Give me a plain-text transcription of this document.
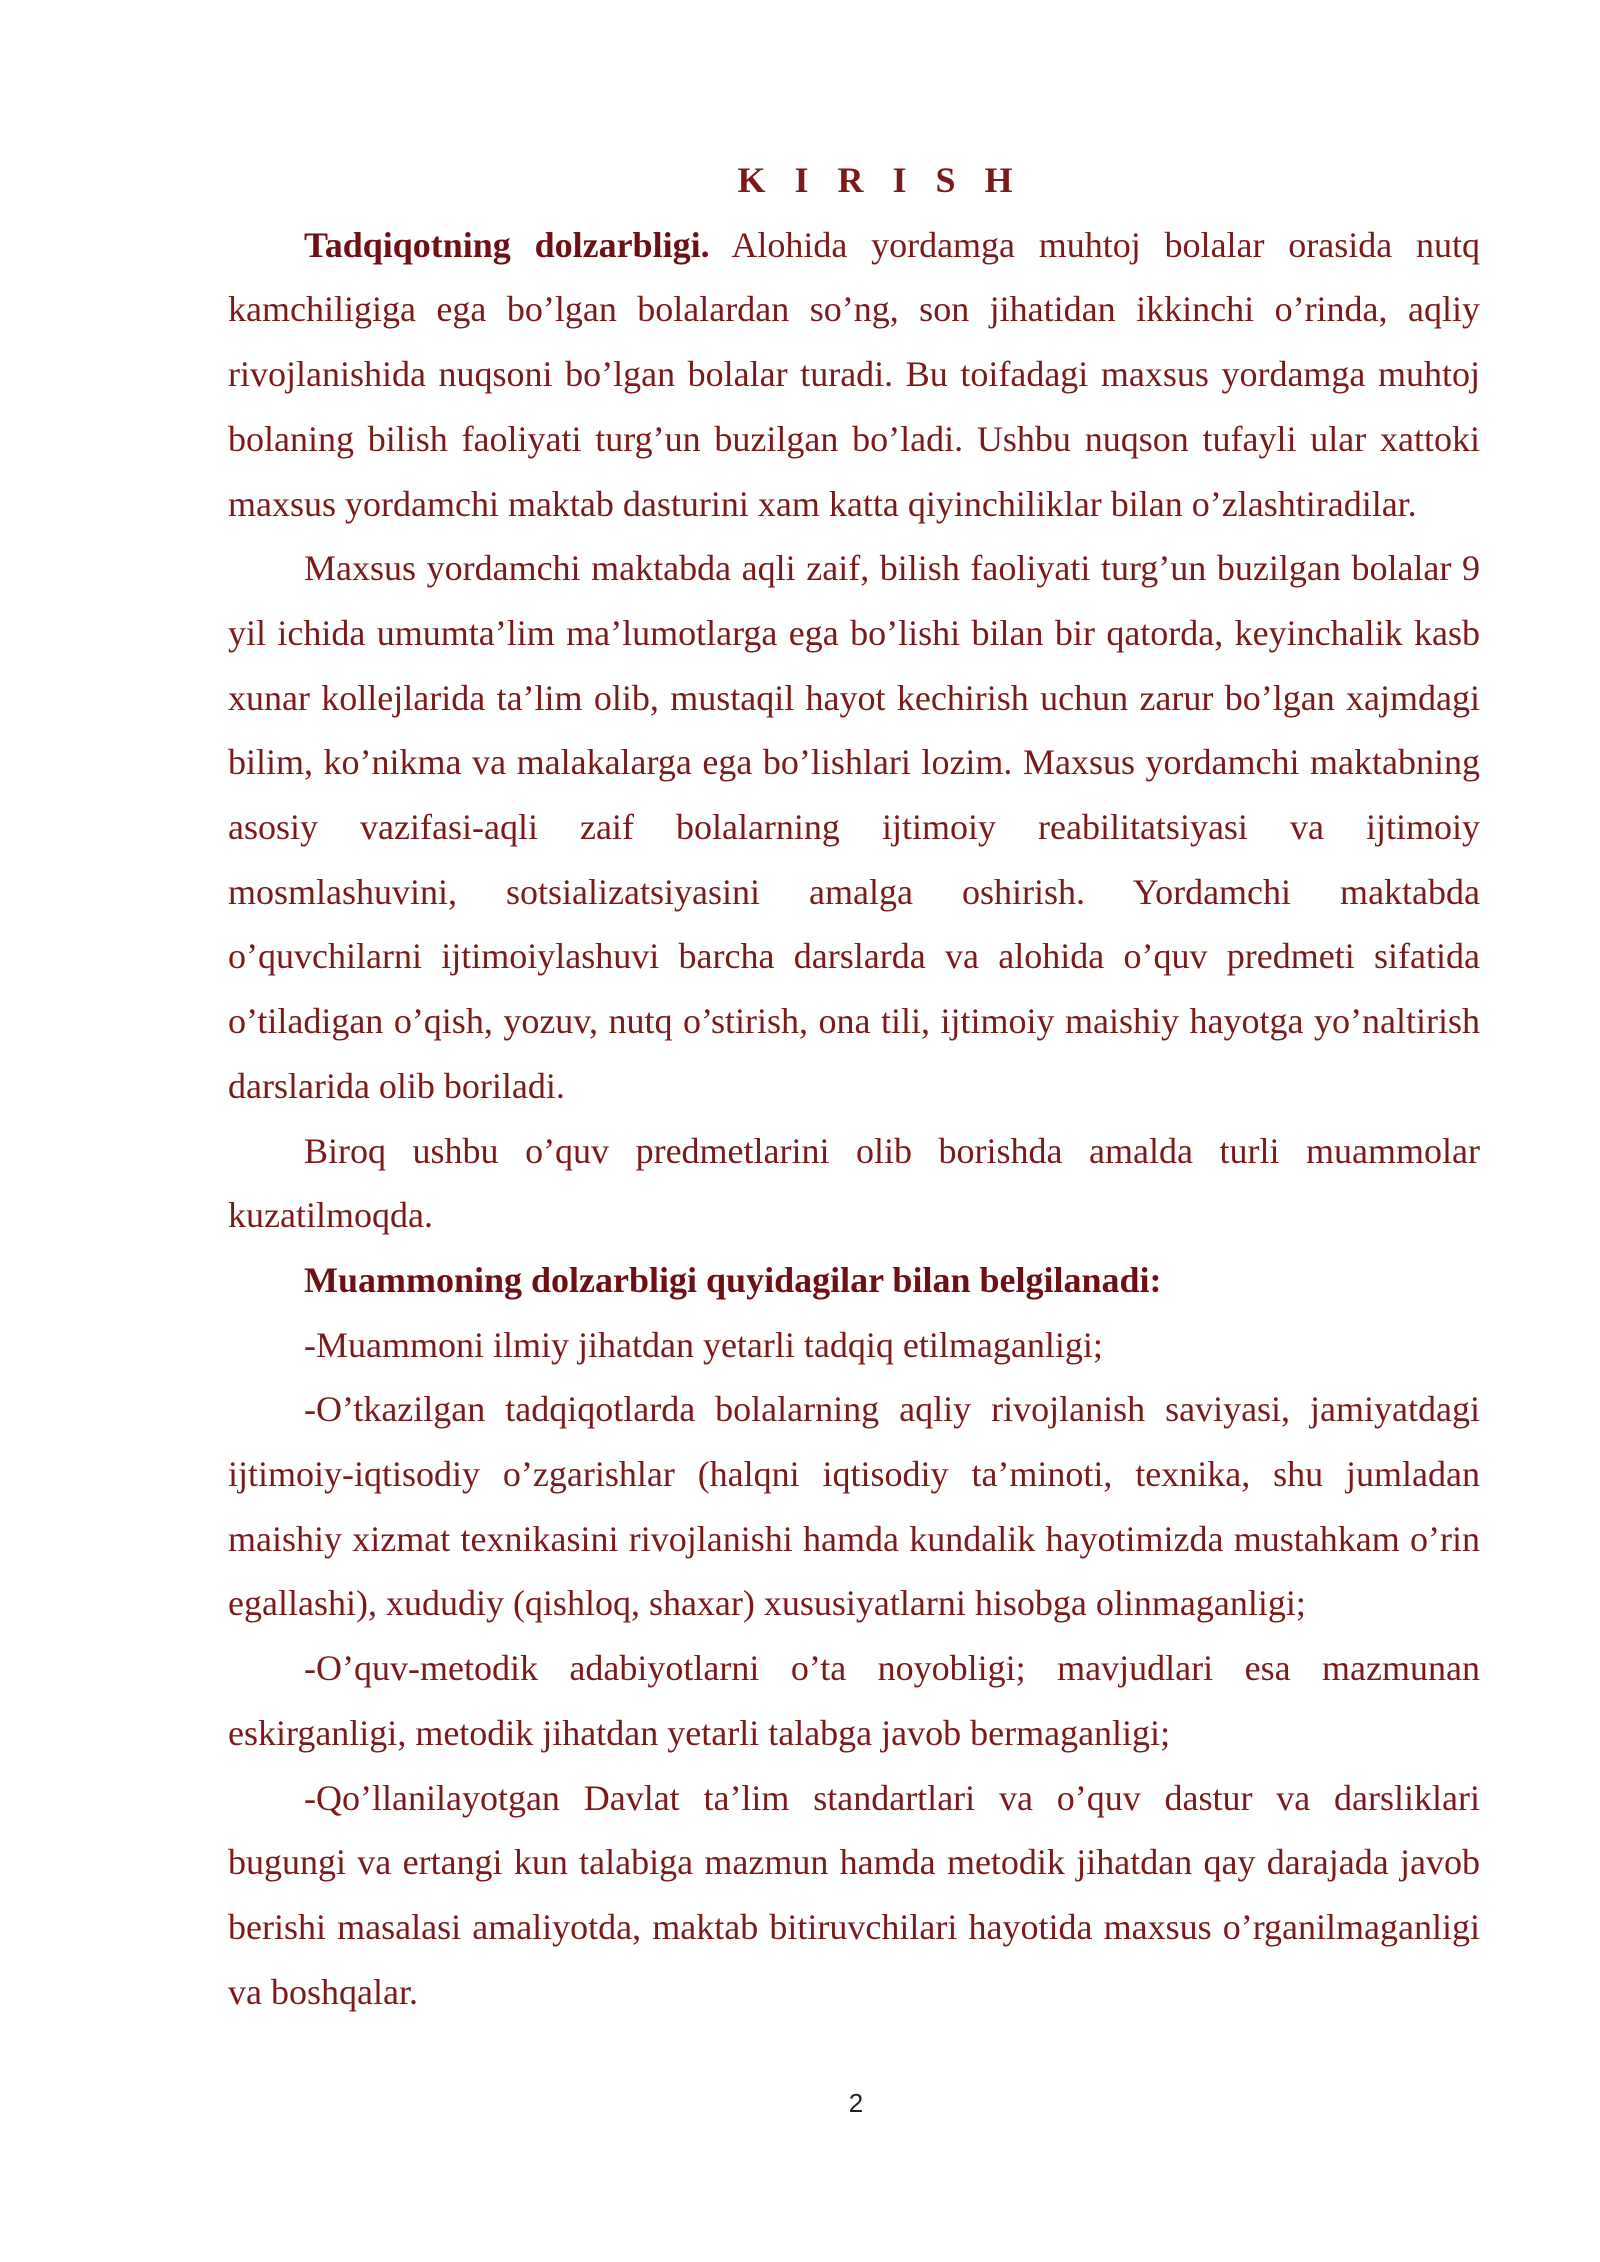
K I R I S H

Tadqiqotning dolzarbligi. Alohida yordamga muhtoj bolalar orasida nutq kamchiligiga ega bo’lgan bolalardan so’ng, son jihatidan ikkinchi o’rinda, aqliy rivojlanishida nuqsoni bo’lgan bolalar turadi. Bu toifadagi maxsus yordamga muhtoj bolaning bilish faoliyati turg’un buzilgan bo’ladi. Ushbu nuqson tufayli ular xattoki maxsus yordamchi maktab dasturini xam katta qiyinchiliklar bilan o’zlashtiradilar.

Maxsus yordamchi maktabda aqli zaif, bilish faoliyati turg’un buzilgan bolalar 9 yil ichida umumta’lim ma’lumotlarga ega bo’lishi bilan bir qatorda, keyinchalik kasb xunar kollejlarida ta’lim olib, mustaqil hayot kechirish uchun zarur bo’lgan xajmdagi bilim, ko’nikma va malakalarga ega bo’lishlari lozim. Maxsus yordamchi maktabning asosiy vazifasi-aqli zaif bolalarning ijtimoiy reabilitatsiyasi va ijtimoiy mosmlashuvini, sotsializatsiyasini amalga oshirish. Yordamchi maktabda o’quvchilarni ijtimoiylashuvi barcha darslarda va alohida o’quv predmeti sifatida o’tiladigan o’qish, yozuv, nutq o’stirish, ona tili, ijtimoiy maishiy hayotga yo’naltirish darslarida olib boriladi.

Biroq ushbu o’quv predmetlarini olib borishda amalda turli muammolar kuzatilmoqda.

Muammoning dolzarbligi quyidagilar bilan belgilanadi:

-Muammoni ilmiy jihatdan yetarli tadqiq etilmaganligi;

-O’tkazilgan tadqiqotlarda bolalarning aqliy rivojlanish saviyasi, jamiyatdagi ijtimoiy-iqtisodiy o’zgarishlar (halqni iqtisodiy ta’minoti, texnika, shu jumladan maishiy xizmat texnikasini rivojlanishi hamda kundalik hayotimizda mustahkam o’rin egallashi), xududiy (qishloq, shaxar) xususiyatlarni hisobga olinmaganligi;

-O’quv-metodik adabiyotlarni o’ta noyobligi; mavjudlari esa mazmunan eskirganligi, metodik jihatdan yetarli talabga javob bermaganligi;

-Qo’llanilayotgan Davlat ta’lim standartlari va o’quv dastur va darsliklari bugungi va ertangi kun talabiga mazmun hamda metodik jihatdan qay darajada javob berishi masalasi amaliyotda, maktab bitiruvchilari hayotida maxsus o’rganilmaganligi va boshqalar.

2
